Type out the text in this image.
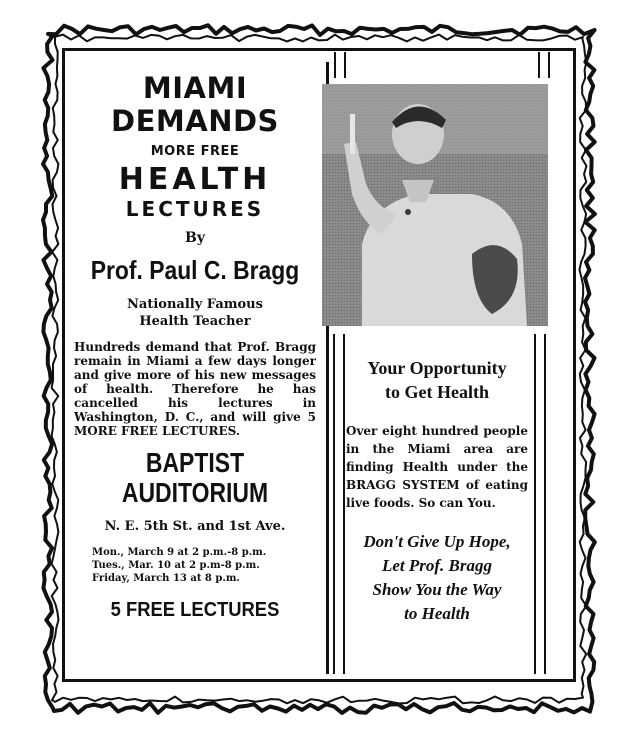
MIAMI
DEMANDS
MORE FREE
HEALTH
LECTURES
By
Prof. Paul C. Bragg
Nationally Famous
Health Teacher
Hundreds demand that Prof. Bragg remain in Miami a few days longer and give more of his new messages of health. Therefore he has cancelled his lectures in Washington, D. C., and will give 5 MORE FREE LECTURES.
BAPTIST
AUDITORIUM
N. E. 5th St. and 1st Ave.
Mon., March 9 at 2 p.m.-8 p.m.
Tues., Mar. 10 at 2 p.m-8 p.m.
Friday, March 13 at 8 p.m.
5 FREE LECTURES
Your Opportunity
to Get Health
Over eight hundred people in the Miami area are finding Health under the BRAGG SYSTEM of eating live foods. So can You.
Don't Give Up Hope,
Let Prof. Bragg
Show You the Way
to Health
